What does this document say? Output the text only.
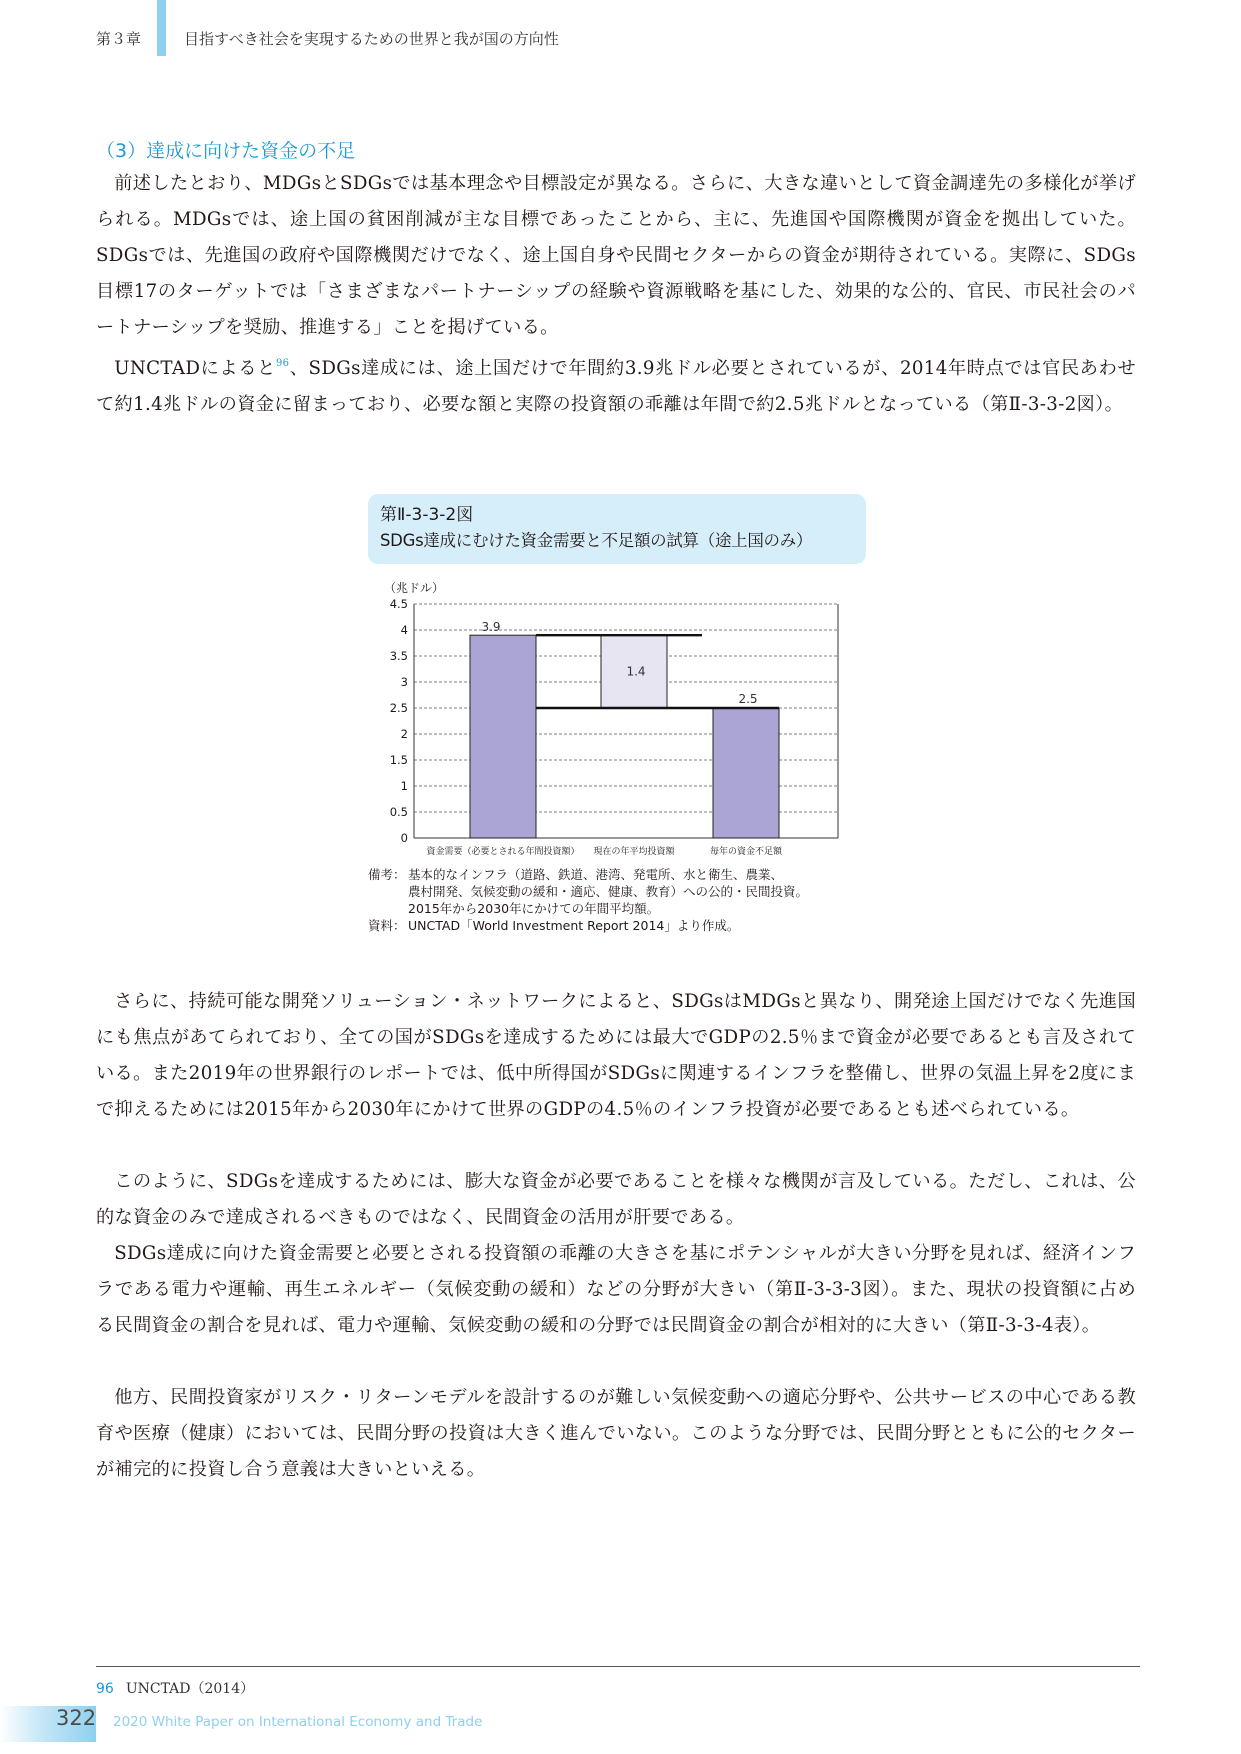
第３章	目指すべき社会を実現するための世界と我が国の方向性
（3）達成に向けた資金の不足

前述したとおり、MDGsとSDGsでは基本理念や目標設定が異なる。さらに、大きな違いとして資金調達先の多様化が挙げられる。MDGsでは、途上国の貧困削減が主な目標であったことから、主に、先進国や国際機関が資金を拠出していた。SDGsでは、先進国の政府や国際機関だけでなく、途上国自身や民間セクターからの資金が期待されている。実際に、SDGs目標17のターゲットでは「さまざまなパートナーシップの経験や資源戦略を基にした、効果的な公的、官民、市民社会のパートナーシップを奨励、推進する」ことを掲げている。

UNCTADによると$^{96}$、SDGs達成には、途上国だけで年間約3.9兆ドル必要とされているが、2014年時点では官民あわせて約1.4兆ドルの資金に留まっており、必要な額と実際の投資額の乖離は年間で約2.5兆ドルとなっている（第Ⅱ-3-3-2図）。

第Ⅱ-3-3-2図
SDGs達成にむけた資金需要と不足額の試算（途上国のみ）
（兆ドル）
0
0.5
1
1.5
2
2.5
3
3.5
4
4.5
3.9
1.4
2.5
資金需要（必要とされる年間投資額） 現在の年平均投資額	毎年の資金不足額
備考： 基本的なインフラ（道路、鉄道、港湾、発電所、水と衛生、農業、
農村開発、気候変動の緩和・適応、健康、教育）への公的・民間投資。
2015年から2030年にかけての年間平均額。
資料： UNCTAD「World Investment Report 2014」より作成。

さらに、持続可能な開発ソリューション・ネットワークによると、SDGsはMDGsと異なり、開発途上国だけでなく先進国にも焦点があてられており、全ての国がSDGsを達成するためには最大でGDPの2.5％まで資金が必要であるとも言及されている。また2019年の世界銀行のレポートでは、低中所得国がSDGsに関連するインフラを整備し、世界の気温上昇を2度にまで抑えるためには2015年から2030年にかけて世界のGDPの4.5％のインフラ投資が必要であるとも述べられている。

このように、SDGsを達成するためには、膨大な資金が必要であることを様々な機関が言及している。ただし、これは、公的な資金のみで達成されるべきものではなく、民間資金の活用が肝要である。

SDGs達成に向けた資金需要と必要とされる投資額の乖離の大きさを基にポテンシャルが大きい分野を見れば、経済インフラである電力や運輸、再生エネルギー（気候変動の緩和）などの分野が大きい（第Ⅱ-3-3-3図）。また、現状の投資額に占める民間資金の割合を見れば、電力や運輸、気候変動の緩和の分野では民間資金の割合が相対的に大きい（第Ⅱ-3-3-4表）。

他方、民間投資家がリスク・リターンモデルを設計するのが難しい気候変動への適応分野や、公共サービスの中心である教育や医療（健康）においては、民間分野の投資は大きく進んでいない。このような分野では、民間分野とともに公的セクターが補完的に投資し合う意義は大きいといえる。

96 UNCTAD（2014）
322 2020 White Paper on International Economy and Trade
